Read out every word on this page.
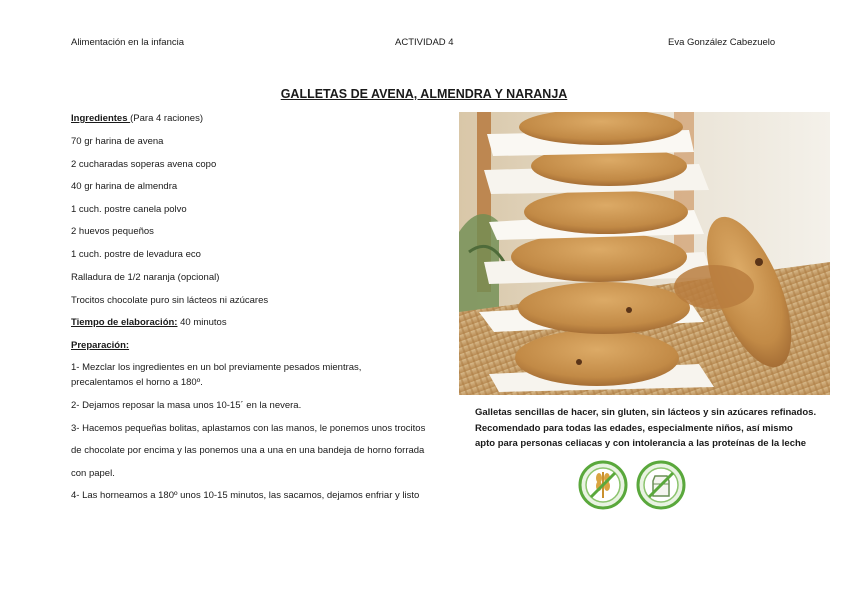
Alimentación en la infancia	ACTIVIDAD 4	Eva González Cabezuelo
GALLETAS DE AVENA, ALMENDRA Y NARANJA
Ingredientes (Para 4 raciones)
70 gr harina de avena
2 cucharadas soperas avena copo
40 gr harina de almendra
1 cuch. postre canela polvo
2 huevos pequeños
1 cuch. postre de levadura eco
Ralladura de 1/2 naranja (opcional)
Trocitos chocolate puro sin lácteos ni azúcares
Tiempo de elaboración: 40 minutos
Preparación:
1- Mezclar los ingredientes en un bol previamente pesados mientras,
precalentamos el horno a 180º.
2- Dejamos reposar la masa unos 10-15´ en la nevera.
3- Hacemos pequeñas bolitas, aplastamos con las manos, le ponemos unos trocitos
de chocolate por encima y las ponemos una a una en una bandeja de horno forrada
con papel.
4- Las horneamos a 180º unos 10-15 minutos, las sacamos, dejamos enfriar y listo
Galletas sencillas de hacer, sin gluten, sin lácteos y sin azúcares refinados.
Recomendado para todas las edades, especialmente niños, así mismo
apto para personas celiacas y con intolerancia a las proteínas de la leche
